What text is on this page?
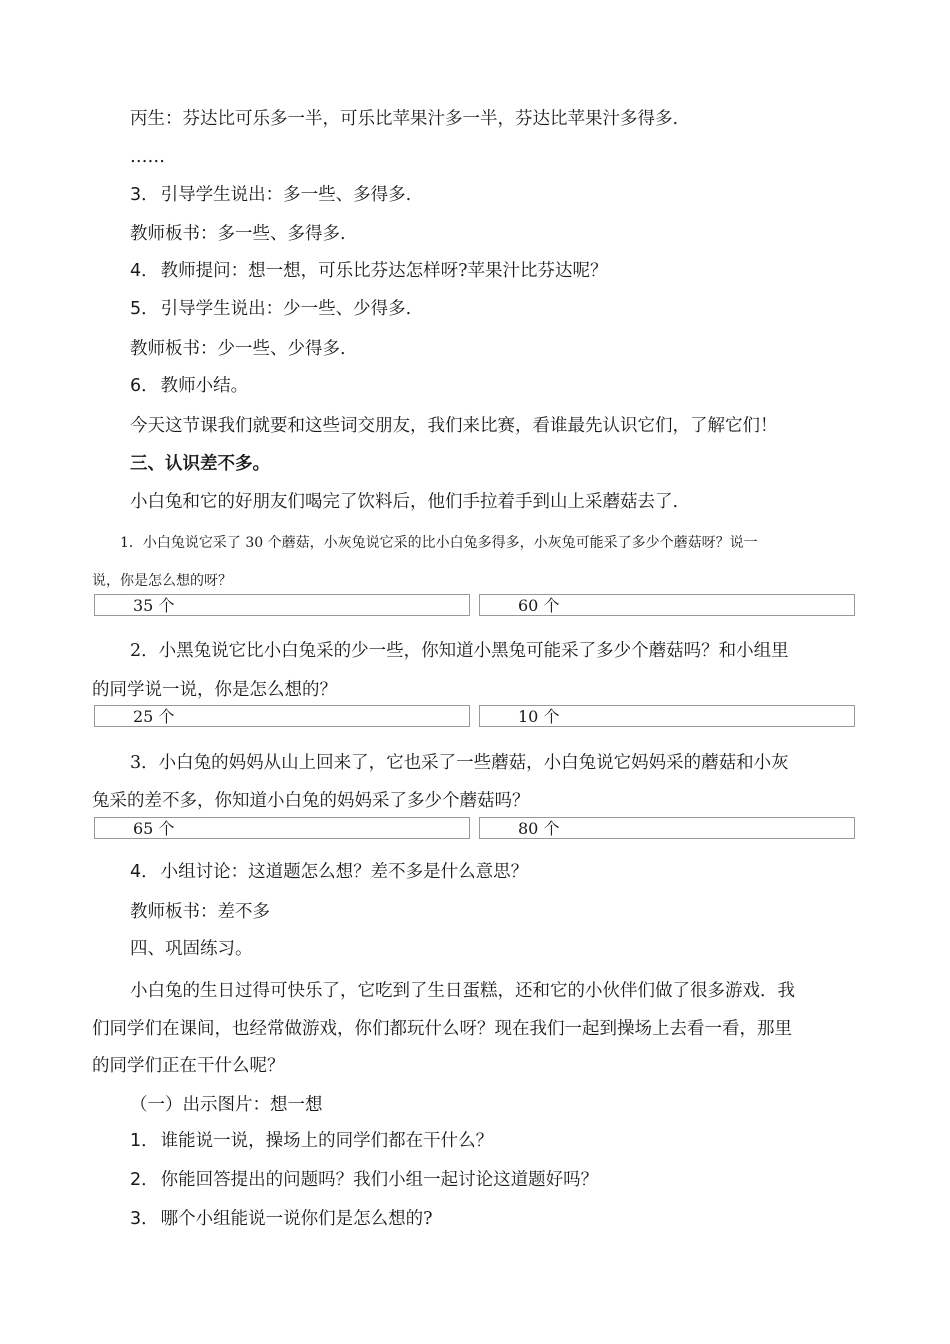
丙生：芬达比可乐多一半，可乐比苹果汁多一半，芬达比苹果汁多得多.
……
3． 引导学生说出：多一些、多得多.
教师板书：多一些、多得多.
4． 教师提问：想一想，可乐比芬达怎样呀?苹果汁比芬达呢？
5． 引导学生说出：少一些、少得多.
教师板书：少一些、少得多.
6． 教师小结。
今天这节课我们就要和这些词交朋友，我们来比赛，看谁最先认识它们，了解它们！
三、认识差不多。
小白兔和它的好朋友们喝完了饮料后，他们手拉着手到山上采蘑菇去了.
1．小白兔说它采了 30 个蘑菇，小灰兔说它采的比小白兔多得多，小灰兔可能采了多少个蘑菇呀？说一
说，你是怎么想的呀？
35 个	60 个
2．小黑兔说它比小白兔采的少一些，你知道小黑兔可能采了多少个蘑菇吗？和小组里
的同学说一说，你是怎么想的？
25 个	10 个
3．小白兔的妈妈从山上回来了，它也采了一些蘑菇，小白兔说它妈妈采的蘑菇和小灰
兔采的差不多，你知道小白兔的妈妈采了多少个蘑菇吗？
65 个	80 个
4． 小组讨论：这道题怎么想？差不多是什么意思？
教师板书：差不多
四、巩固练习。
小白兔的生日过得可快乐了，它吃到了生日蛋糕，还和它的小伙伴们做了很多游戏．我
们同学们在课间，也经常做游戏，你们都玩什么呀？现在我们一起到操场上去看一看，那里
的同学们正在干什么呢？
（一）出示图片：想一想
1． 谁能说一说，操场上的同学们都在干什么？
2． 你能回答提出的问题吗？我们小组一起讨论这道题好吗？
3． 哪个小组能说一说你们是怎么想的?
